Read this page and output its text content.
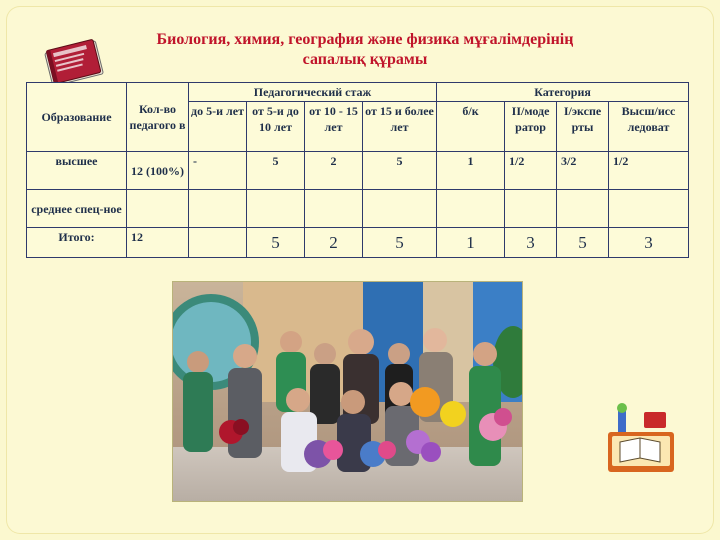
Биология, химия, география және физика мұғалімдерінің
сапалық құрамы
Образование	Кол-во педагого в	Педагогический стаж				Категория			
		до 5-и лет	от 5-и до 10 лет	от 10 - 15 лет	от 15 и более лет	б/к	II/моде ратор	I/экспе рты	Высш/исс ледоват
высшее	12 (100%)	-	5	2	5	1	1/2	3/2	1/2
среднее спец-ное									
Итого:	12		5	2	5	1	3	5	3
